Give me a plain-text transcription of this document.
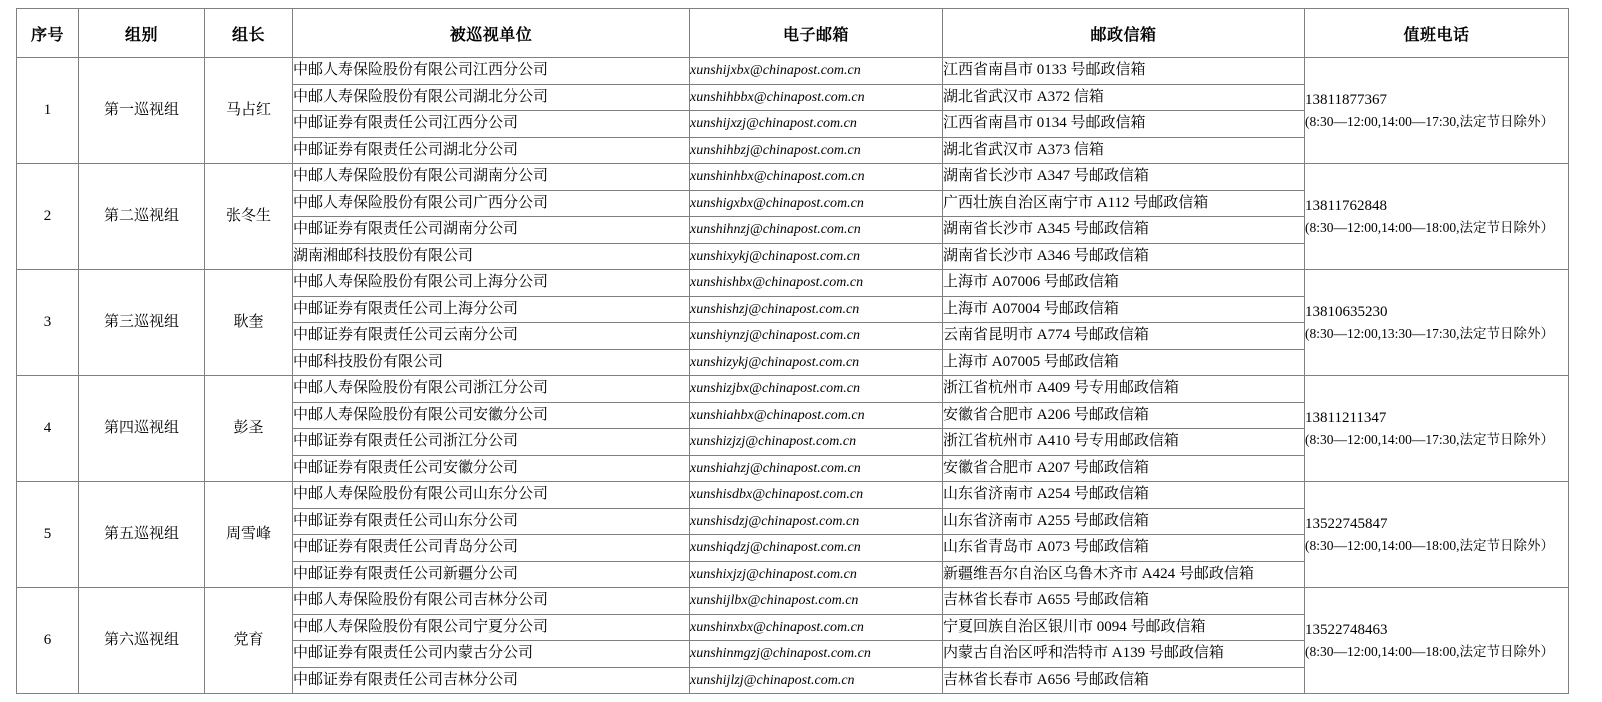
序号	组别	组长	被巡视单位	电子邮箱	邮政信箱	值班电话
1	第一巡视组	马占红	中邮人寿保险股份有限公司江西分公司	xunshijxbx@chinapost.com.cn	江西省南昌市 0133 号邮政信箱	13811877367
(8:30—12:00,14:00—17:30,法定节日除外）

			中邮人寿保险股份有限公司湖北分公司	xunshihbbx@chinapost.com.cn	湖北省武汉市 A372 信箱	
			中邮证券有限责任公司江西分公司	xunshijxzj@chinapost.com.cn	江西省南昌市 0134 号邮政信箱	
			中邮证券有限责任公司湖北分公司	xunshihbzj@chinapost.com.cn	湖北省武汉市 A373 信箱	
2	第二巡视组	张冬生	中邮人寿保险股份有限公司湖南分公司	xunshinhbx@chinapost.com.cn	湖南省长沙市 A347 号邮政信箱	13811762848
(8:30—12:00,14:00—18:00,法定节日除外）

			中邮人寿保险股份有限公司广西分公司	xunshigxbx@chinapost.com.cn	广西壮族自治区南宁市 A112 号邮政信箱	
			中邮证券有限责任公司湖南分公司	xunshihnzj@chinapost.com.cn	湖南省长沙市 A345 号邮政信箱	
			湖南湘邮科技股份有限公司	xunshixykj@chinapost.com.cn	湖南省长沙市 A346 号邮政信箱	
3	第三巡视组	耿奎	中邮人寿保险股份有限公司上海分公司	xunshishbx@chinapost.com.cn	上海市 A07006 号邮政信箱	13810635230
(8:30—12:00,13:30—17:30,法定节日除外）

			中邮证券有限责任公司上海分公司	xunshishzj@chinapost.com.cn	上海市 A07004 号邮政信箱	
			中邮证券有限责任公司云南分公司	xunshiynzj@chinapost.com.cn	云南省昆明市 A774 号邮政信箱	
			中邮科技股份有限公司	xunshizykj@chinapost.com.cn	上海市 A07005 号邮政信箱	
4	第四巡视组	彭圣	中邮人寿保险股份有限公司浙江分公司	xunshizjbx@chinapost.com.cn	浙江省杭州市 A409 号专用邮政信箱	13811211347
(8:30—12:00,14:00—17:30,法定节日除外）

			中邮人寿保险股份有限公司安徽分公司	xunshiahbx@chinapost.com.cn	安徽省合肥市 A206 号邮政信箱	
			中邮证券有限责任公司浙江分公司	xunshizjzj@chinapost.com.cn	浙江省杭州市 A410 号专用邮政信箱	
			中邮证券有限责任公司安徽分公司	xunshiahzj@chinapost.com.cn	安徽省合肥市 A207 号邮政信箱	
5	第五巡视组	周雪峰	中邮人寿保险股份有限公司山东分公司	xunshisdbx@chinapost.com.cn	山东省济南市 A254 号邮政信箱	13522745847
(8:30—12:00,14:00—18:00,法定节日除外）

			中邮证券有限责任公司山东分公司	xunshisdzj@chinapost.com.cn	山东省济南市 A255 号邮政信箱	
			中邮证券有限责任公司青岛分公司	xunshiqdzj@chinapost.com.cn	山东省青岛市 A073 号邮政信箱	
			中邮证券有限责任公司新疆分公司	xunshixjzj@chinapost.com.cn	新疆维吾尔自治区乌鲁木齐市 A424 号邮政信箱	
6	第六巡视组	党育	中邮人寿保险股份有限公司吉林分公司	xunshijlbx@chinapost.com.cn	吉林省长春市 A655 号邮政信箱	13522748463
(8:30—12:00,14:00—18:00,法定节日除外）

			中邮人寿保险股份有限公司宁夏分公司	xunshinxbx@chinapost.com.cn	宁夏回族自治区银川市 0094 号邮政信箱	
			中邮证券有限责任公司内蒙古分公司	xunshinmgzj@chinapost.com.cn	内蒙古自治区呼和浩特市 A139 号邮政信箱	
			中邮证券有限责任公司吉林分公司	xunshijlzj@chinapost.com.cn	吉林省长春市 A656 号邮政信箱	
